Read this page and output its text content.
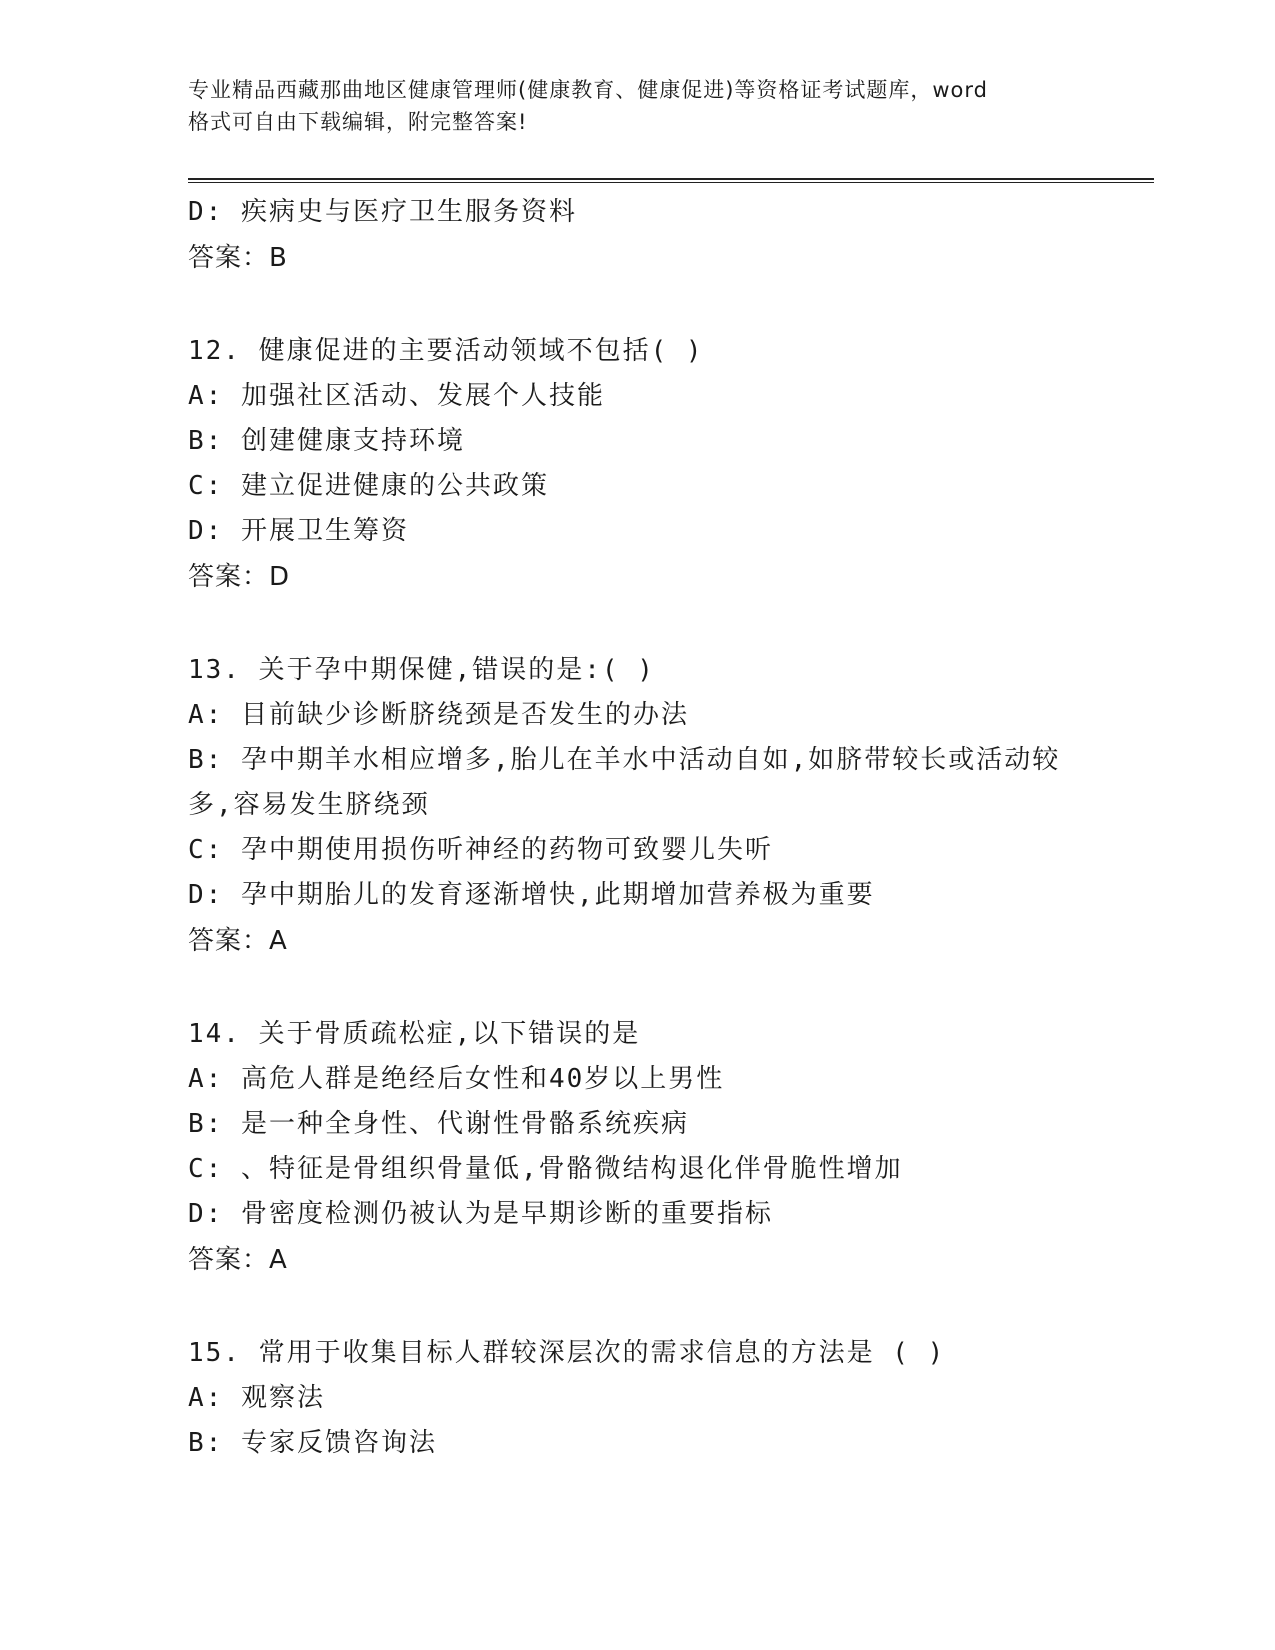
专业精品西藏那曲地区健康管理师(健康教育、健康促进)等资格证考试题库，word
格式可自由下载编辑，附完整答案!
D: 疾病史与医疗卫生服务资料
答案：B
12. 健康促进的主要活动领域不包括( )
A: 加强社区活动、发展个人技能
B: 创建健康支持环境
C: 建立促进健康的公共政策
D: 开展卫生筹资
答案：D
13. 关于孕中期保健,错误的是:( )
A: 目前缺少诊断脐绕颈是否发生的办法
B: 孕中期羊水相应增多,胎儿在羊水中活动自如,如脐带较长或活动较
多,容易发生脐绕颈
C: 孕中期使用损伤听神经的药物可致婴儿失听
D: 孕中期胎儿的发育逐渐增快,此期增加营养极为重要
答案：A
14. 关于骨质疏松症,以下错误的是
A: 高危人群是绝经后女性和40岁以上男性
B: 是一种全身性、代谢性骨骼系统疾病
C: 、特征是骨组织骨量低,骨骼微结构退化伴骨脆性增加
D: 骨密度检测仍被认为是早期诊断的重要指标
答案：A
15. 常用于收集目标人群较深层次的需求信息的方法是 ( )
A: 观察法
B: 专家反馈咨询法
